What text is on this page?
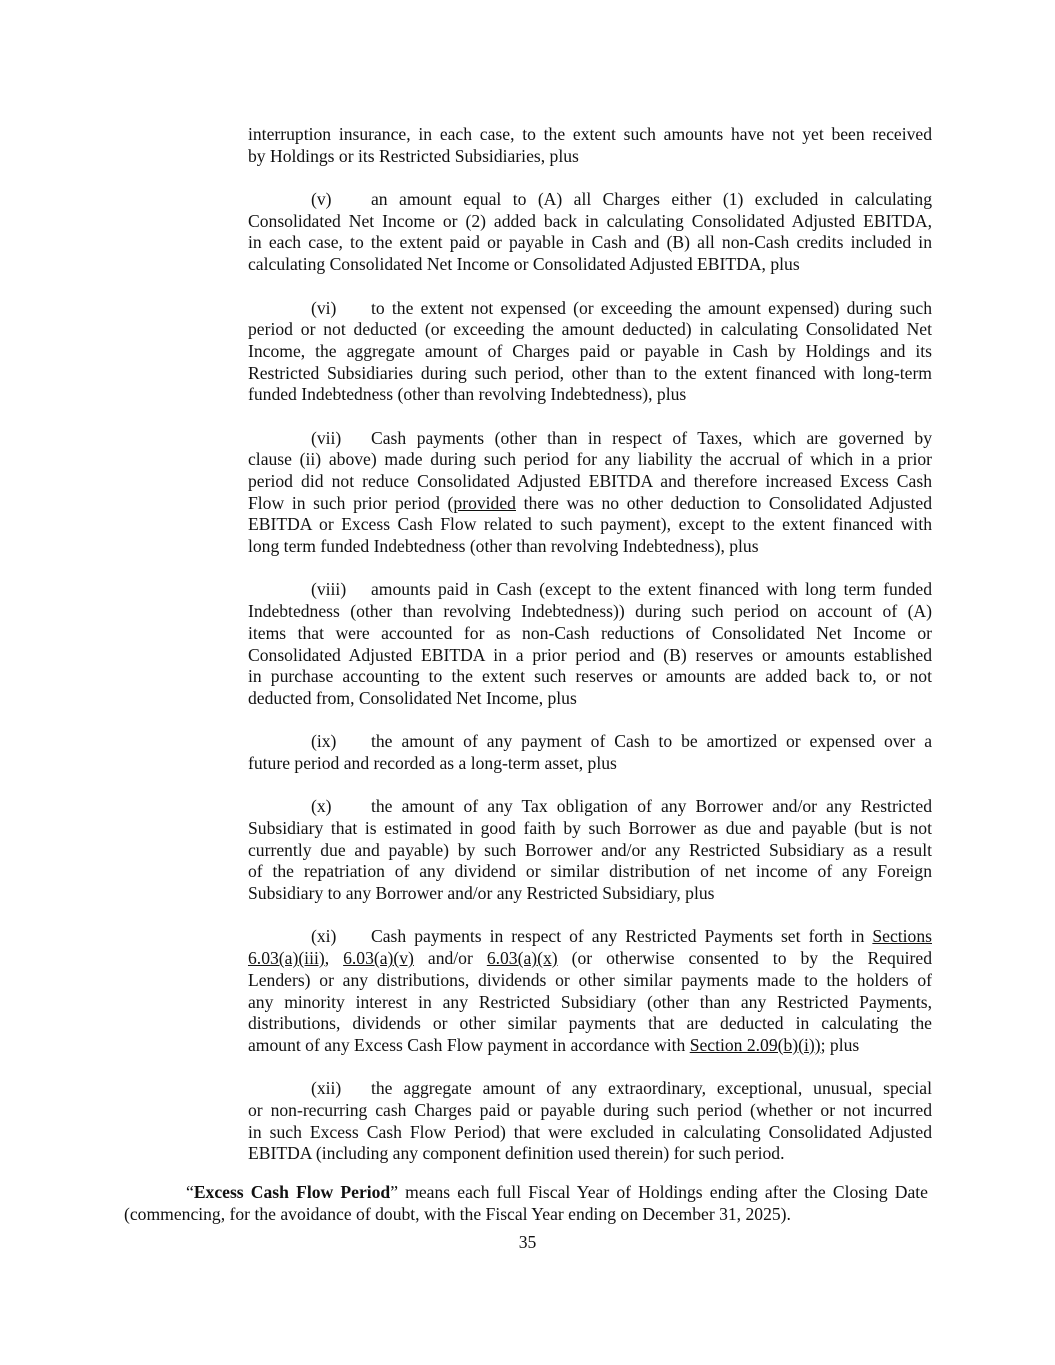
interruption insurance, in each case, to the extent such amounts have not yet been received
by Holdings or its Restricted Subsidiaries, plus
(v) an amount equal to (A) all Charges either (1) excluded in calculating
Consolidated Net Income or (2) added back in calculating Consolidated Adjusted EBITDA,
in each case, to the extent paid or payable in Cash and (B) all non-Cash credits included in
calculating Consolidated Net Income or Consolidated Adjusted EBITDA, plus
(vi) to the extent not expensed (or exceeding the amount expensed) during such
period or not deducted (or exceeding the amount deducted) in calculating Consolidated Net
Income, the aggregate amount of Charges paid or payable in Cash by Holdings and its
Restricted Subsidiaries during such period, other than to the extent financed with long-term
funded Indebtedness (other than revolving Indebtedness), plus
(vii) Cash payments (other than in respect of Taxes, which are governed by
clause (ii) above) made during such period for any liability the accrual of which in a prior
period did not reduce Consolidated Adjusted EBITDA and therefore increased Excess Cash
Flow in such prior period (provided there was no other deduction to Consolidated Adjusted
EBITDA or Excess Cash Flow related to such payment), except to the extent financed with
long term funded Indebtedness (other than revolving Indebtedness), plus
(viii) amounts paid in Cash (except to the extent financed with long term funded
Indebtedness (other than revolving Indebtedness)) during such period on account of (A)
items that were accounted for as non-Cash reductions of Consolidated Net Income or
Consolidated Adjusted EBITDA in a prior period and (B) reserves or amounts established
in purchase accounting to the extent such reserves or amounts are added back to, or not
deducted from, Consolidated Net Income, plus
(ix) the amount of any payment of Cash to be amortized or expensed over a
future period and recorded as a long-term asset, plus
(x) the amount of any Tax obligation of any Borrower and/or any Restricted
Subsidiary that is estimated in good faith by such Borrower as due and payable (but is not
currently due and payable) by such Borrower and/or any Restricted Subsidiary as a result
of the repatriation of any dividend or similar distribution of net income of any Foreign
Subsidiary to any Borrower and/or any Restricted Subsidiary, plus
(xi) Cash payments in respect of any Restricted Payments set forth in Sections
6.03(a)(iii), 6.03(a)(v) and/or 6.03(a)(x) (or otherwise consented to by the Required
Lenders) or any distributions, dividends or other similar payments made to the holders of
any minority interest in any Restricted Subsidiary (other than any Restricted Payments,
distributions, dividends or other similar payments that are deducted in calculating the
amount of any Excess Cash Flow payment in accordance with Section 2.09(b)(i)); plus
(xii) the aggregate amount of any extraordinary, exceptional, unusual, special
or non-recurring cash Charges paid or payable during such period (whether or not incurred
in such Excess Cash Flow Period) that were excluded in calculating Consolidated Adjusted
EBITDA (including any component definition used therein) for such period.
“Excess Cash Flow Period” means each full Fiscal Year of Holdings ending after the Closing Date
(commencing, for the avoidance of doubt, with the Fiscal Year ending on December 31, 2025).
35
